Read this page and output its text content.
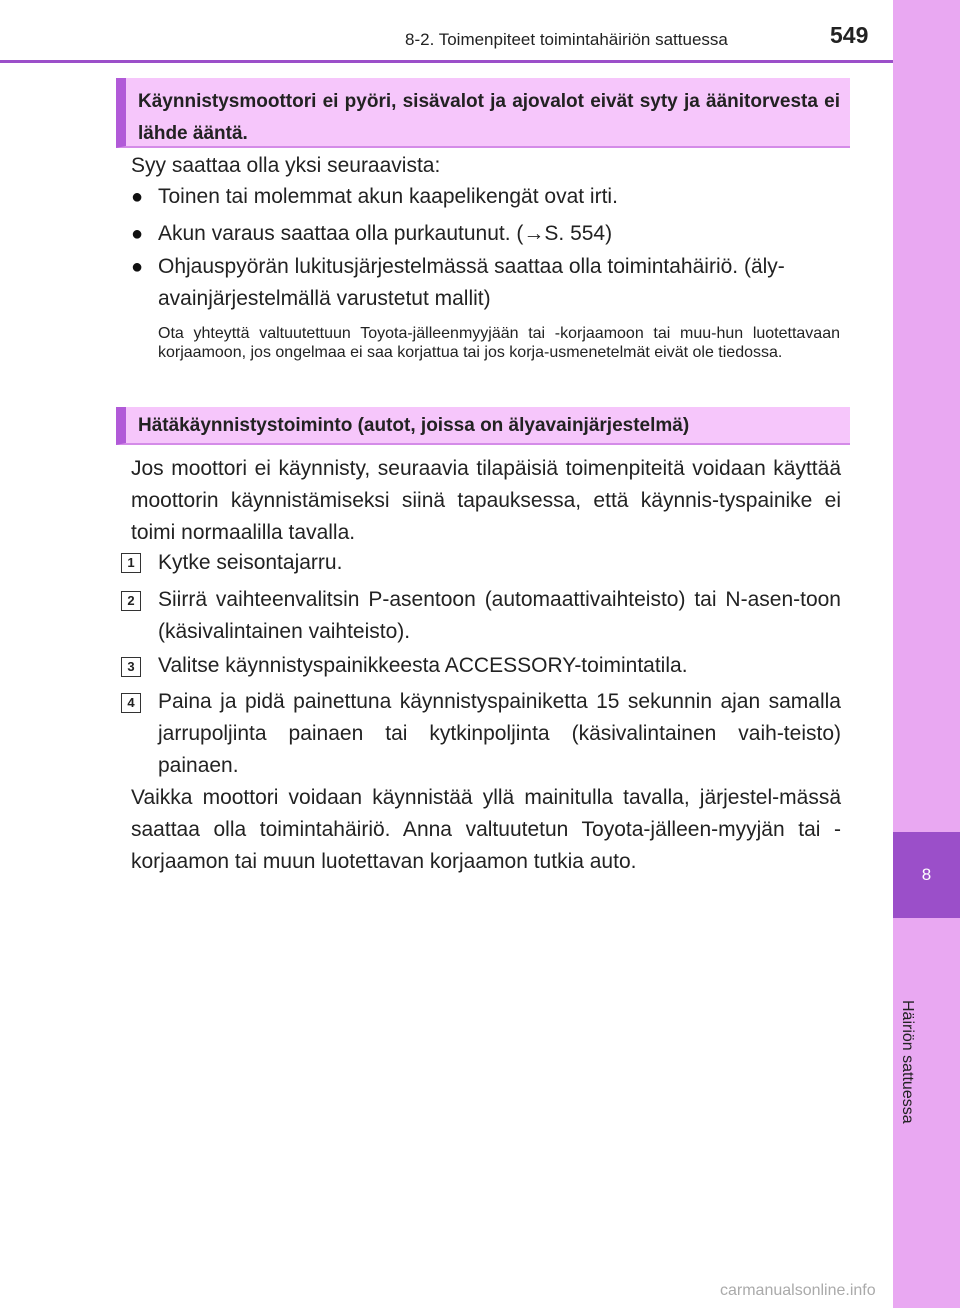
8
Häiriön sattuessa
8-2. Toimenpiteet toimintahäiriön sattuessa	549
Käynnistysmoottori ei pyöri, sisävalot ja ajovalot eivät syty ja äänitorvesta ei lähde ääntä.
Syy saattaa olla yksi seuraavista:
● Toinen tai molemmat akun kaapelikengät ovat irti.
● Akun varaus saattaa olla purkautunut. (→S. 554)
● Ohjauspyörän lukitusjärjestelmässä saattaa olla toimintahäiriö. (äly-
avainjärjestelmällä varustetut mallit)
Ota yhteyttä valtuutettuun Toyota-jälleenmyyjään tai -korjaamoon tai muu-hun luotettavaan korjaamoon, jos ongelmaa ei saa korjattua tai jos korja-usmenetelmät eivät ole tiedossa.
Hätäkäynnistystoiminto (autot, joissa on älyavainjärjestelmä)
Jos moottori ei käynnisty, seuraavia tilapäisiä toimenpiteitä voidaan käyttää moottorin käynnistämiseksi siinä tapauksessa, että käynnis-tyspainike ei toimi normaalilla tavalla.
1	Kytke seisontajarru.
2	Siirrä vaihteenvalitsin P-asentoon (automaattivaihteisto) tai N-asen-toon (käsivalintainen vaihteisto).
3	Valitse käynnistyspainikkeesta ACCESSORY-toimintatila.
4	Paina ja pidä painettuna käynnistyspainiketta 15 sekunnin ajan samalla jarrupoljinta painaen tai kytkinpoljinta (käsivalintainen vaih-teisto) painaen.
Vaikka moottori voidaan käynnistää yllä mainitulla tavalla, järjestel-mässä saattaa olla toimintahäiriö. Anna valtuutetun Toyota-jälleen-myyjän tai -korjaamon tai muun luotettavan korjaamon tutkia auto.
carmanualsonline.info
